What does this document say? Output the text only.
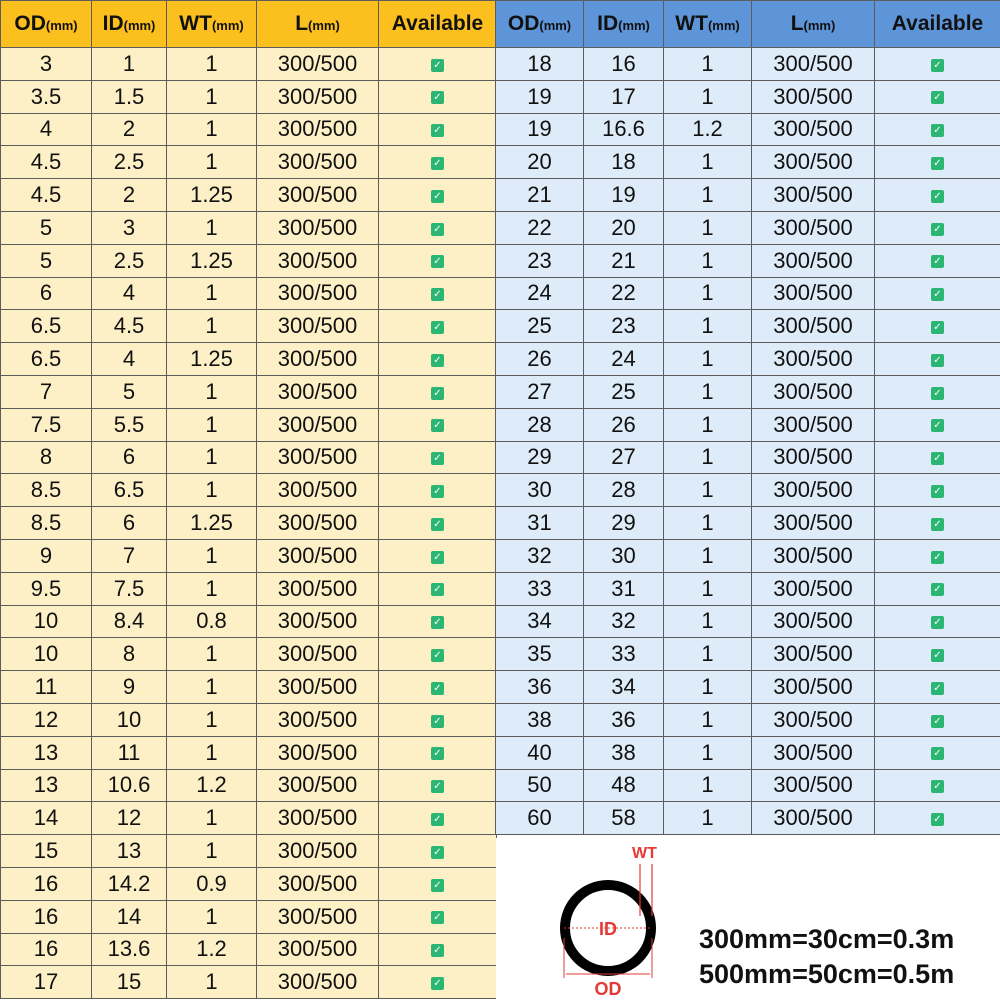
OD(mm)	ID(mm)	WT(mm)	L(mm)	Available
3	1	1	300/500	✓
3.5	1.5	1	300/500	✓
4	2	1	300/500	✓
4.5	2.5	1	300/500	✓
4.5	2	1.25	300/500	✓
5	3	1	300/500	✓
5	2.5	1.25	300/500	✓
6	4	1	300/500	✓
6.5	4.5	1	300/500	✓
6.5	4	1.25	300/500	✓
7	5	1	300/500	✓
7.5	5.5	1	300/500	✓
8	6	1	300/500	✓
8.5	6.5	1	300/500	✓
8.5	6	1.25	300/500	✓
9	7	1	300/500	✓
9.5	7.5	1	300/500	✓
10	8.4	0.8	300/500	✓
10	8	1	300/500	✓
11	9	1	300/500	✓
12	10	1	300/500	✓
13	11	1	300/500	✓
13	10.6	1.2	300/500	✓
14	12	1	300/500	✓
15	13	1	300/500	✓
16	14.2	0.9	300/500	✓
16	14	1	300/500	✓
16	13.6	1.2	300/500	✓
17	15	1	300/500	✓
OD(mm)	ID(mm)	WT(mm)	L(mm)	Available
18	16	1	300/500	✓
19	17	1	300/500	✓
19	16.6	1.2	300/500	✓
20	18	1	300/500	✓
21	19	1	300/500	✓
22	20	1	300/500	✓
23	21	1	300/500	✓
24	22	1	300/500	✓
25	23	1	300/500	✓
26	24	1	300/500	✓
27	25	1	300/500	✓
28	26	1	300/500	✓
29	27	1	300/500	✓
30	28	1	300/500	✓
31	29	1	300/500	✓
32	30	1	300/500	✓
33	31	1	300/500	✓
34	32	1	300/500	✓
35	33	1	300/500	✓
36	34	1	300/500	✓
38	36	1	300/500	✓
40	38	1	300/500	✓
50	48	1	300/500	✓
60	58	1	300/500	✓
WT
ID
OD
300mm=30cm=0.3m
500mm=50cm=0.5m
